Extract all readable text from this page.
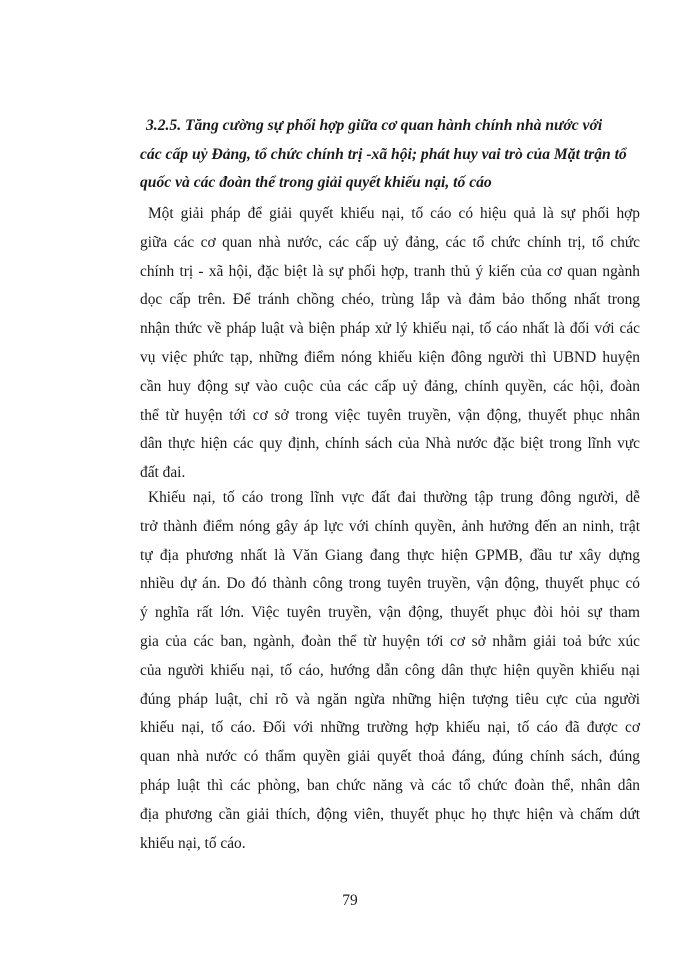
3.2.5. Tăng cường sự phối hợp giữa cơ quan hành chính nhà nước với
các cấp uỷ Đảng, tổ chức chính trị -xã hội; phát huy vai trò của Mặt trận tổ
quốc và các đoàn thể trong giải quyết khiếu nại, tố cáo

Một giải pháp để giải quyết khiếu nại, tố cáo có hiệu quả là sự phối hợp
giữa các cơ quan nhà nước, các cấp uỷ đảng, các tổ chức chính trị, tổ chức
chính trị - xã hội, đặc biệt là sự phối hợp, tranh thủ ý kiến của cơ quan ngành
dọc cấp trên. Để tránh chồng chéo, trùng lắp và đảm bảo thống nhất trong
nhận thức về pháp luật và biện pháp xử lý khiếu nại, tố cáo nhất là đối với các
vụ việc phức tạp, những điểm nóng khiếu kiện đông người thì UBND huyện
cần huy động sự vào cuộc của các cấp uỷ đảng, chính quyền, các hội, đoàn
thể từ huyện tới cơ sở trong việc tuyên truyền, vận động, thuyết phục nhân
dân thực hiện các quy định, chính sách của Nhà nước đặc biệt trong lĩnh vực
đất đai.

Khiếu nại, tố cáo trong lĩnh vực đất đai thường tập trung đông người, dễ
trở thành điểm nóng gây áp lực với chính quyền, ảnh hưởng đến an ninh, trật
tự địa phương nhất là Văn Giang đang thực hiện GPMB, đầu tư xây dựng
nhiều dự án. Do đó thành công trong tuyên truyền, vận động, thuyết phục có
ý nghĩa rất lớn. Việc tuyên truyền, vận động, thuyết phục đòi hỏi sự tham
gia của các ban, ngành, đoàn thể từ huyện tới cơ sở nhằm giải toả bức xúc
của người khiếu nại, tố cáo, hướng dẫn công dân thực hiện quyền khiếu nại
đúng pháp luật, chỉ rõ và ngăn ngừa những hiện tượng tiêu cực của người
khiếu nại, tố cáo. Đối với những trường hợp khiếu nại, tố cáo đã được cơ
quan nhà nước có thẩm quyền giải quyết thoả đáng, đúng chính sách, đúng
pháp luật thì các phòng, ban chức năng và các tổ chức đoàn thể, nhân dân
địa phương cần giải thích, động viên, thuyết phục họ thực hiện và chấm dứt
khiếu nại, tố cáo.

79
